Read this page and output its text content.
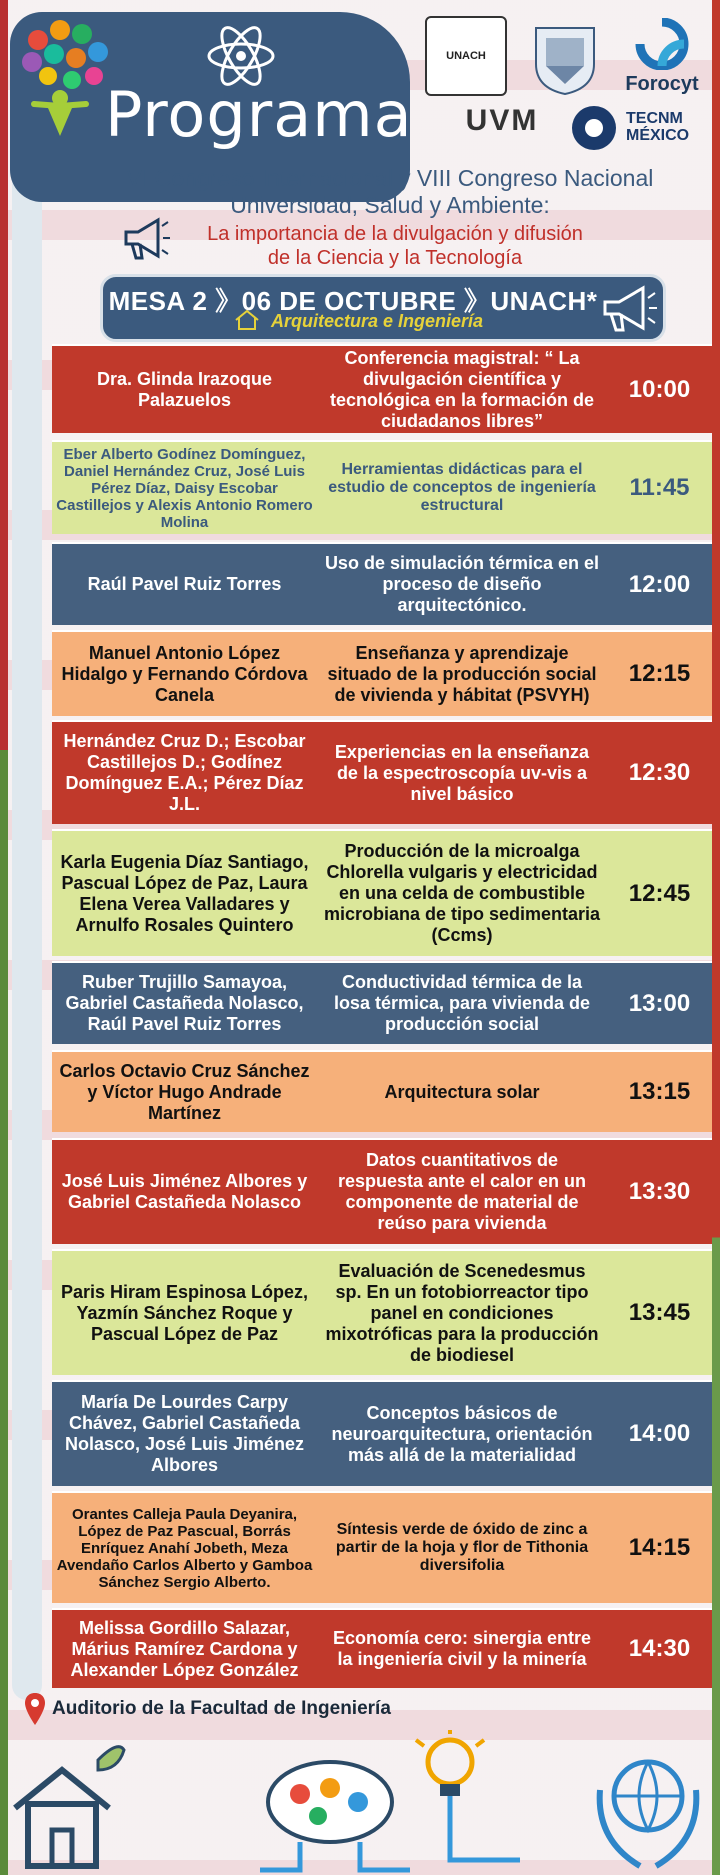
Programa
UNACH
Forocyt
UVM	TECNM MÉXICO
VI Congreso Internacional y VIII Congreso Nacional
Universidad, Salud y Ambiente:
La importancia de la divulgación y difusión
de la Ciencia y la Tecnología
MESA 2 》06 DE OCTUBRE 》UNACH*
Arquitectura e Ingeniería
Dra. Glinda Irazoque Palazuelos
Conferencia magistral: “ La divulgación científica y tecnológica en la formación de ciudadanos libres”
10:00
Eber Alberto Godínez Domínguez, Daniel Hernández Cruz, José Luis Pérez Díaz, Daisy Escobar Castillejos y Alexis Antonio Romero Molina
Herramientas didácticas para el estudio de conceptos de ingeniería estructural
11:45
Raúl Pavel Ruiz Torres
Uso de simulación térmica en el proceso de diseño arquitectónico.
12:00
Manuel Antonio López Hidalgo y Fernando Córdova Canela
Enseñanza y aprendizaje situado de la producción social de vivienda y hábitat (PSVYH)
12:15
Hernández Cruz D.; Escobar Castillejos D.; Godínez Domínguez E.A.; Pérez Díaz J.L.
Experiencias en la enseñanza de la espectroscopía uv-vis a nivel básico
12:30
Karla Eugenia Díaz Santiago, Pascual López de Paz, Laura Elena Verea Valladares y Arnulfo Rosales Quintero
Producción de la microalga Chlorella vulgaris y electricidad en una celda de combustible microbiana de tipo sedimentaria (Ccms)
12:45
Ruber Trujillo Samayoa, Gabriel Castañeda Nolasco, Raúl Pavel Ruiz Torres
Conductividad térmica de la losa térmica, para vivienda de producción social
13:00
Carlos Octavio Cruz Sánchez y Víctor Hugo Andrade Martínez
Arquitectura solar	13:15
José Luis Jiménez Albores y Gabriel Castañeda Nolasco
Datos cuantitativos de respuesta ante el calor en un componente de material de reúso para vivienda
13:30
Paris Hiram Espinosa López, Yazmín Sánchez Roque y Pascual López de Paz
Evaluación de Scenedesmus sp. En un fotobiorreactor tipo panel en condiciones mixotróficas para la producción de biodiesel
13:45
María De Lourdes Carpy Chávez, Gabriel Castañeda Nolasco, José Luis Jiménez Albores
Conceptos básicos de neuroarquitectura, orientación más allá de la materialidad
14:00
Orantes Calleja Paula Deyanira, López de Paz Pascual, Borrás Enríquez Anahí Jobeth, Meza Avendaño Carlos Alberto y Gamboa Sánchez Sergio Alberto.
Síntesis verde de óxido de zinc a partir de la hoja y flor de Tithonia diversifolia
14:15
Melissa Gordillo Salazar, Márius Ramírez Cardona y Alexander López González
Economía cero: sinergia entre la ingeniería civil y la minería	14:30
Auditorio de la Facultad de Ingeniería
